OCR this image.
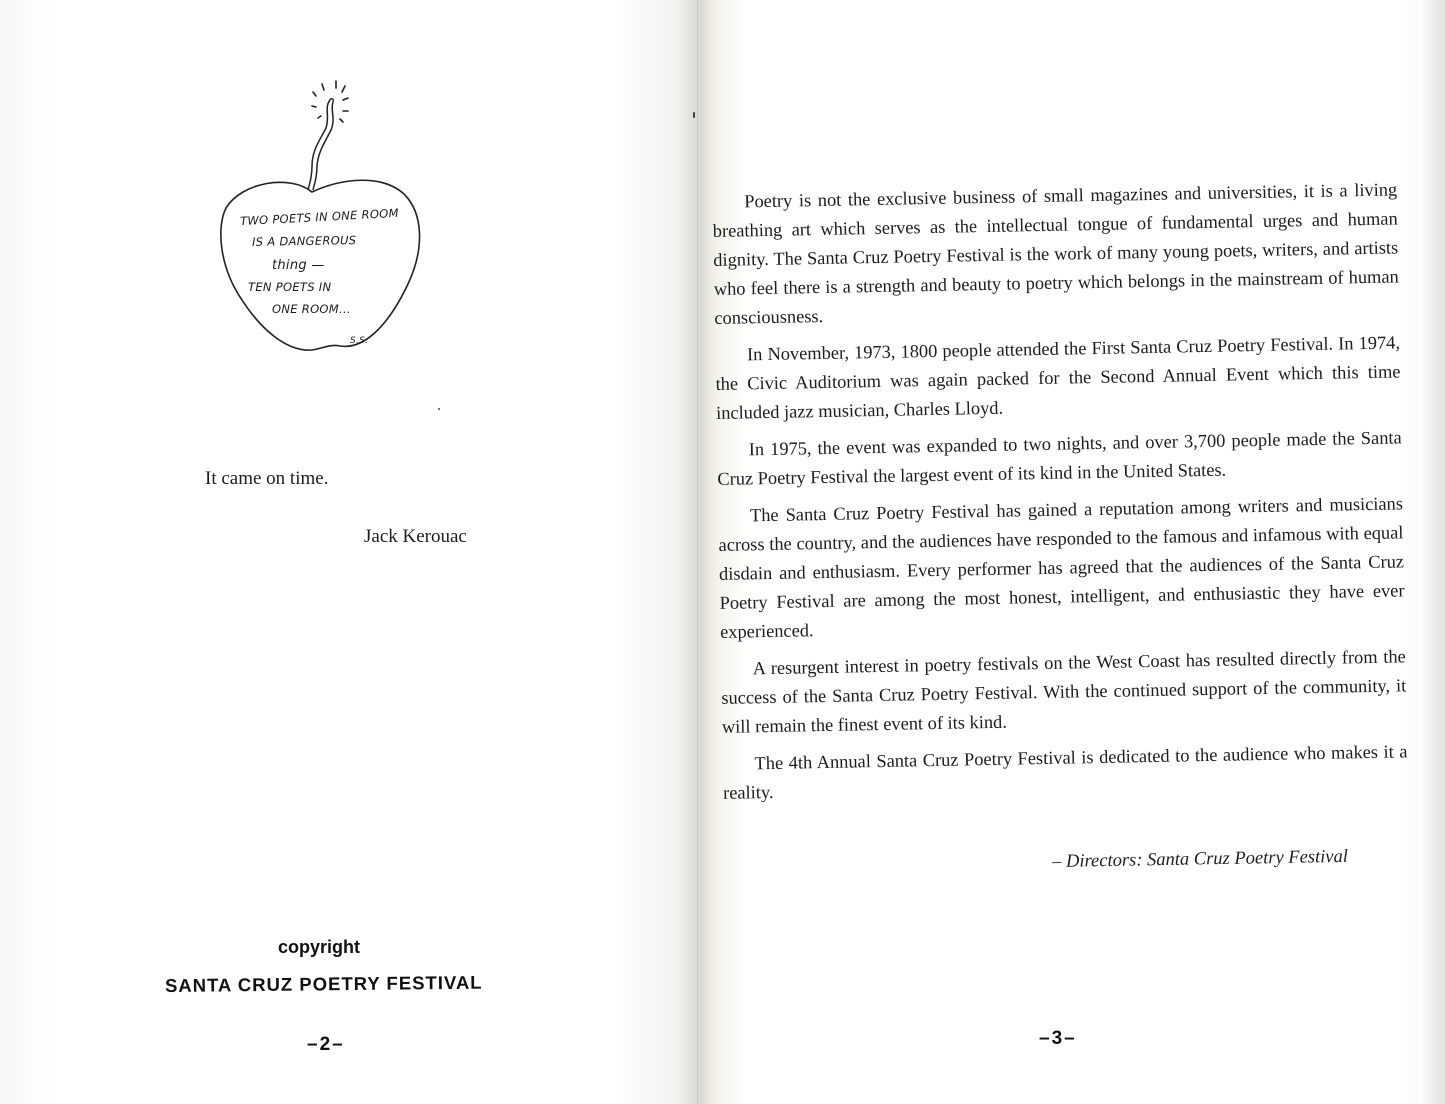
TWO POETS IN ONE ROOM
IS A DANGEROUS
thing —
TEN POETS IN
ONE ROOM...
S.S.
It came on time.
Jack Kerouac
copyright
SANTA CRUZ POETRY FESTIVAL
–2–

Poetry is not the exclusive business of small magazines and universities, it is a living breathing art which serves as the intellectual tongue of fundamental urges and human dignity. The Santa Cruz Poetry Festival is the work of many young poets, writers, and artists who feel there is a strength and beauty to poetry which belongs in the mainstream of human consciousness.

In November, 1973, 1800 people attended the First Santa Cruz Poetry Festival. In 1974, the Civic Auditorium was again packed for the Second Annual Event which this time included jazz musician, Charles Lloyd.

In 1975, the event was expanded to two nights, and over 3,700 people made the Santa Cruz Poetry Festival the largest event of its kind in the United States.

The Santa Cruz Poetry Festival has gained a reputation among writers and musicians across the country, and the audiences have responded to the famous and infamous with equal disdain and enthusiasm. Every performer has agreed that the audiences of the Santa Cruz Poetry Festival are among the most honest, intelligent, and enthusiastic they have ever experienced.

A resurgent interest in poetry festivals on the West Coast has resulted directly from the success of the Santa Cruz Poetry Festival. With the continued support of the community, it will remain the finest event of its kind.

The 4th Annual Santa Cruz Poetry Festival is dedicated to the audience who makes it a reality.

– Directors: Santa Cruz Poetry Festival
–3–
